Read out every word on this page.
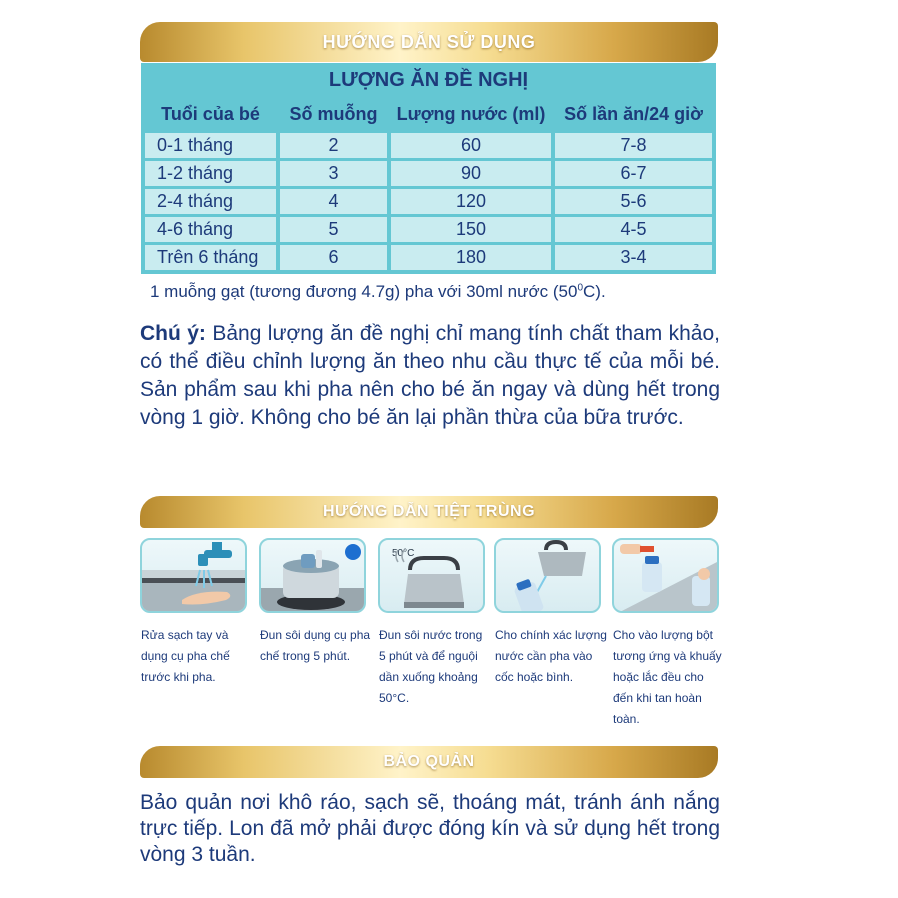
HƯỚNG DẪN SỬ DỤNG
LƯỢNG ĂN ĐỀ NGHỊ
Tuổi của bé	Số muỗng	Lượng nước (ml)	Số lần ăn/24 giờ
0-1 tháng	2	60	7-8
1-2 tháng	3	90	6-7
2-4 tháng	4	120	5-6
4-6 tháng	5	150	4-5
Trên 6 tháng	6	180	3-4
1 muỗng gạt (tương đương 4.7g) pha với 30ml nước $(50^0C)$.
Chú ý: Bảng lượng ăn đề nghị chỉ mang tính chất tham khảo, có thể điều chỉnh lượng ăn theo nhu cầu thực tế của mỗi bé. Sản phẩm sau khi pha nên cho bé ăn ngay và dùng hết trong vòng 1 giờ. Không cho bé ăn lại phần thừa của bữa trước.
HƯỚNG DẪN TIỆT TRÙNG
Rửa sạch tay và dụng cụ pha chế trước khi pha.
Đun sôi dụng cụ pha chế trong 5 phút.
50°C
Đun sôi nước trong 5 phút và để nguội dần xuống khoảng 50°C.
Cho chính xác lượng nước cần pha vào cốc hoặc bình.
Cho vào lượng bột tương ứng và khuấy hoặc lắc đều cho đến khi tan hoàn toàn.
BẢO QUẢN
Bảo quản nơi khô ráo, sạch sẽ, thoáng mát, tránh ánh nắng trực tiếp. Lon đã mở phải được đóng kín và sử dụng hết trong vòng 3 tuần.
